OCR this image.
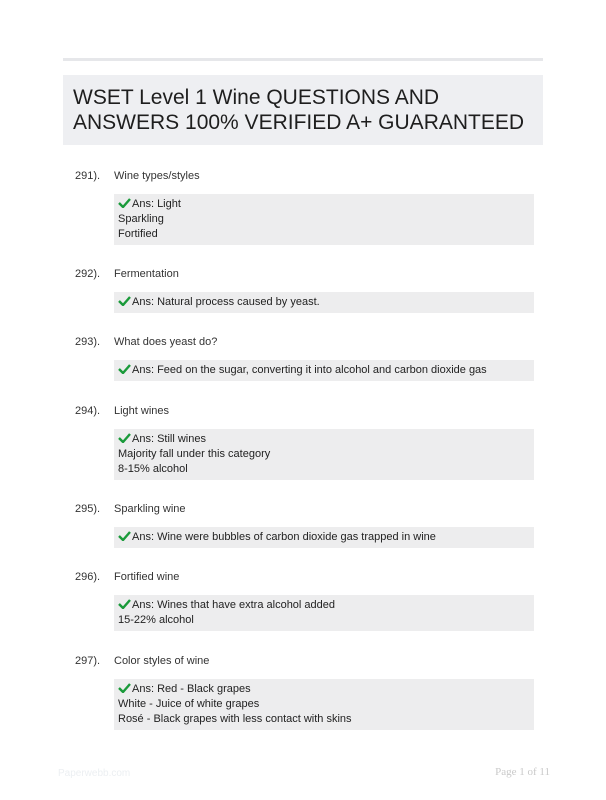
WSET Level 1 Wine QUESTIONS AND ANSWERS 100% VERIFIED A+ GUARANTEED
291). Wine types/styles
Ans: Light
Sparkling
Fortified
292). Fermentation
Ans: Natural process caused by yeast.
293). What does yeast do?
Ans: Feed on the sugar, converting it into alcohol and carbon dioxide gas
294). Light wines
Ans: Still wines
Majority fall under this category
8-15% alcohol
295). Sparkling wine
Ans: Wine were bubbles of carbon dioxide gas trapped in wine
296). Fortified wine
Ans: Wines that have extra alcohol added
15-22% alcohol
297). Color styles of wine
Ans: Red - Black grapes
White - Juice of white grapes
Rosé - Black grapes with less contact with skins
Paperwebb.com	Page 1 of 11
